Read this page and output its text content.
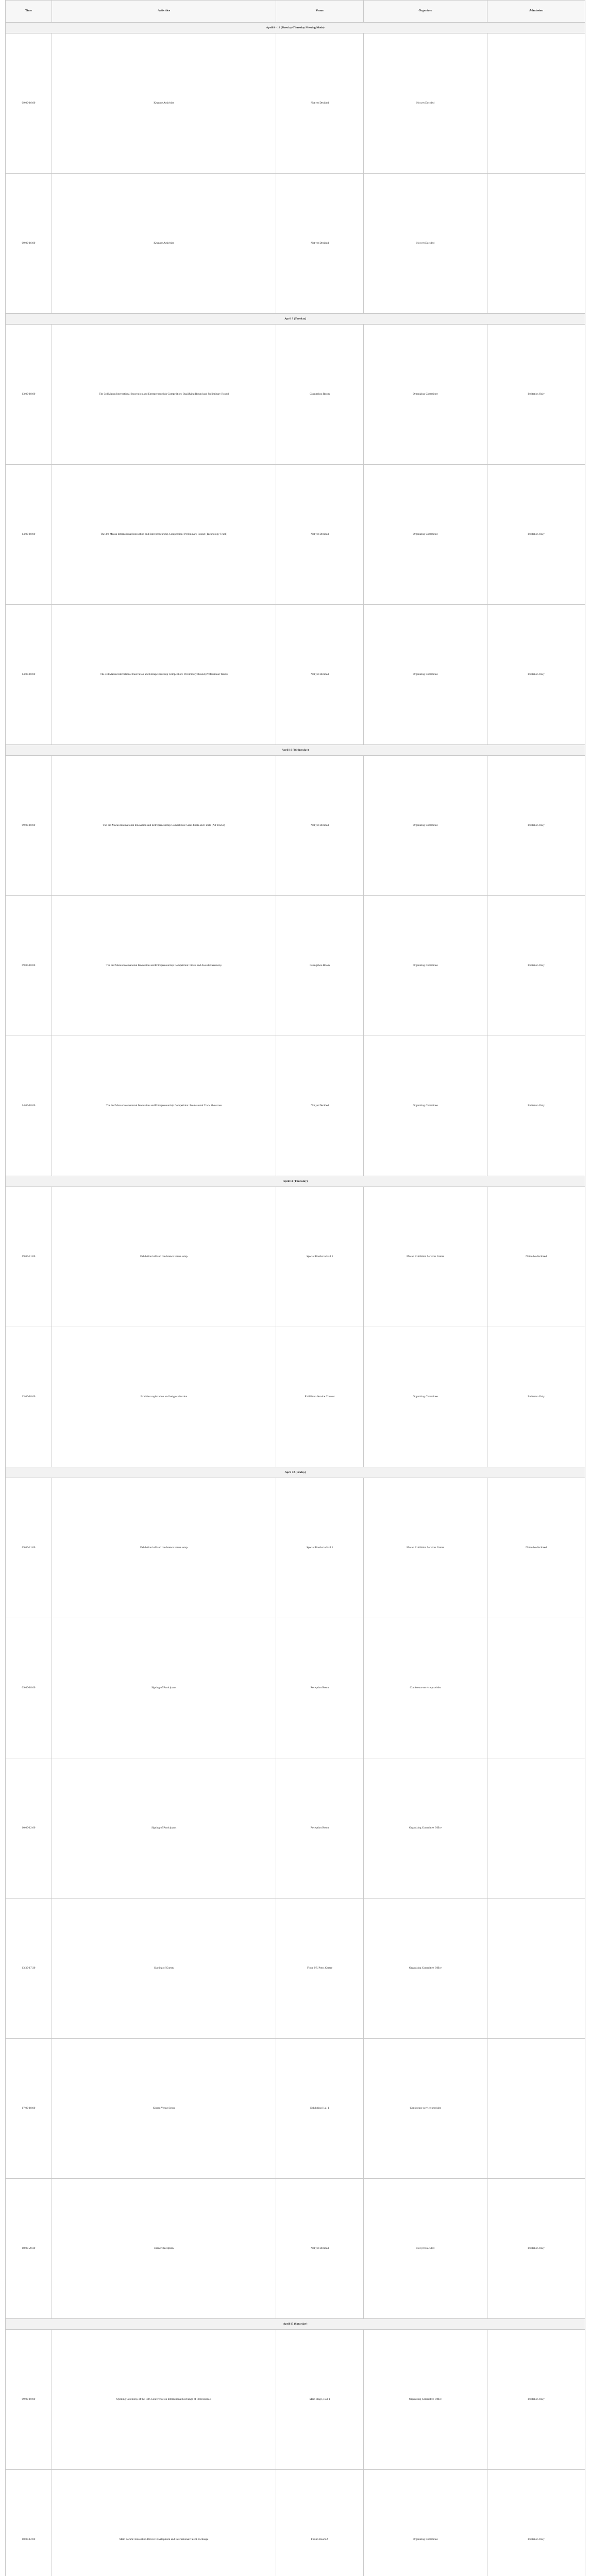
Time	Activities	Venue	Organizer	Admission
April 8 - 10 (Tuesday-Thursday Meeting Mode)				
09:00-16:00	Keynote Activities	Not yet Decided	Not yet Decided	
09:00-16:00	Keynote Activities	Not yet Decided	Not yet Decided	
April 9 (Tuesday)				
13:00-18:00	The 3rd Macau International Innovation and Entrepreneurship Competition: Qualifying Round and Preliminary Round	Guangzhou Room	Organizing Committee	Invitation Only
14:00-18:00	The 3rd Macau International Innovation and Entrepreneurship Competition: Preliminary Round (Technology Track)	Not yet Decided	Organizing Committee	Invitation Only
14:00-18:00	The 3rd Macau International Innovation and Entrepreneurship Competition: Preliminary Round (Professional Track)	Not yet Decided	Organizing Committee	Invitation Only
April 10 (Wednesday)				
09:00-18:00	The 3rd Macau International Innovation and Entrepreneurship Competition: Semi-finals and Finals (All Tracks)	Not yet Decided	Organizing Committee	Invitation Only
09:00-18:00	The 3rd Macau International Innovation and Entrepreneurship Competition: Finals and Awards Ceremony	Guangzhou Room	Organizing Committee	Invitation Only
14:00-18:00	The 3rd Macau International Innovation and Entrepreneurship Competition: Professional Track Showcase	Not yet Decided	Organizing Committee	Invitation Only
April 11 (Thursday)				
09:00-11:00	Exhibition hall and conference venue setup	Special Booths in Hall 1	Macao Exhibition Services Centre	Not to be disclosed
13:00-18:00	Exhibitor registration and badge collection	Exhibition Service Counter	Organizing Committee	Invitation Only
April 12 (Friday)				
09:00-11:00	Exhibition hall and conference venue setup	Special Booths in Hall 1	Macao Exhibition Services Centre	Not to be disclosed
09:00-18:00	Signing of Participants	Reception Room	Conference service provider	
10:00-12:00	Signing of Participants	Reception Room	Organizing Committee Office	
13:30-17:30	Signing of Guests	Floor 2/F, Press Centre	Organizing Committee Office	
17:00-18:00	Closed Venue Setup	Exhibition Hall 1	Conference service provider	
18:00-20:30	Dinner Reception	Not yet Decided	Not yet Decided	Invitation Only
April 13 (Saturday)				
09:00-10:00	Opening Ceremony of the 13th Conference on International Exchange of Professionals	Main Stage, Hall 1	Organizing Committee Office	Invitation Only
10:00-12:00	Main Forum: Innovation-Driven Development and International Talent Exchange	Forum Room A	Organizing Committee	Invitation Only
